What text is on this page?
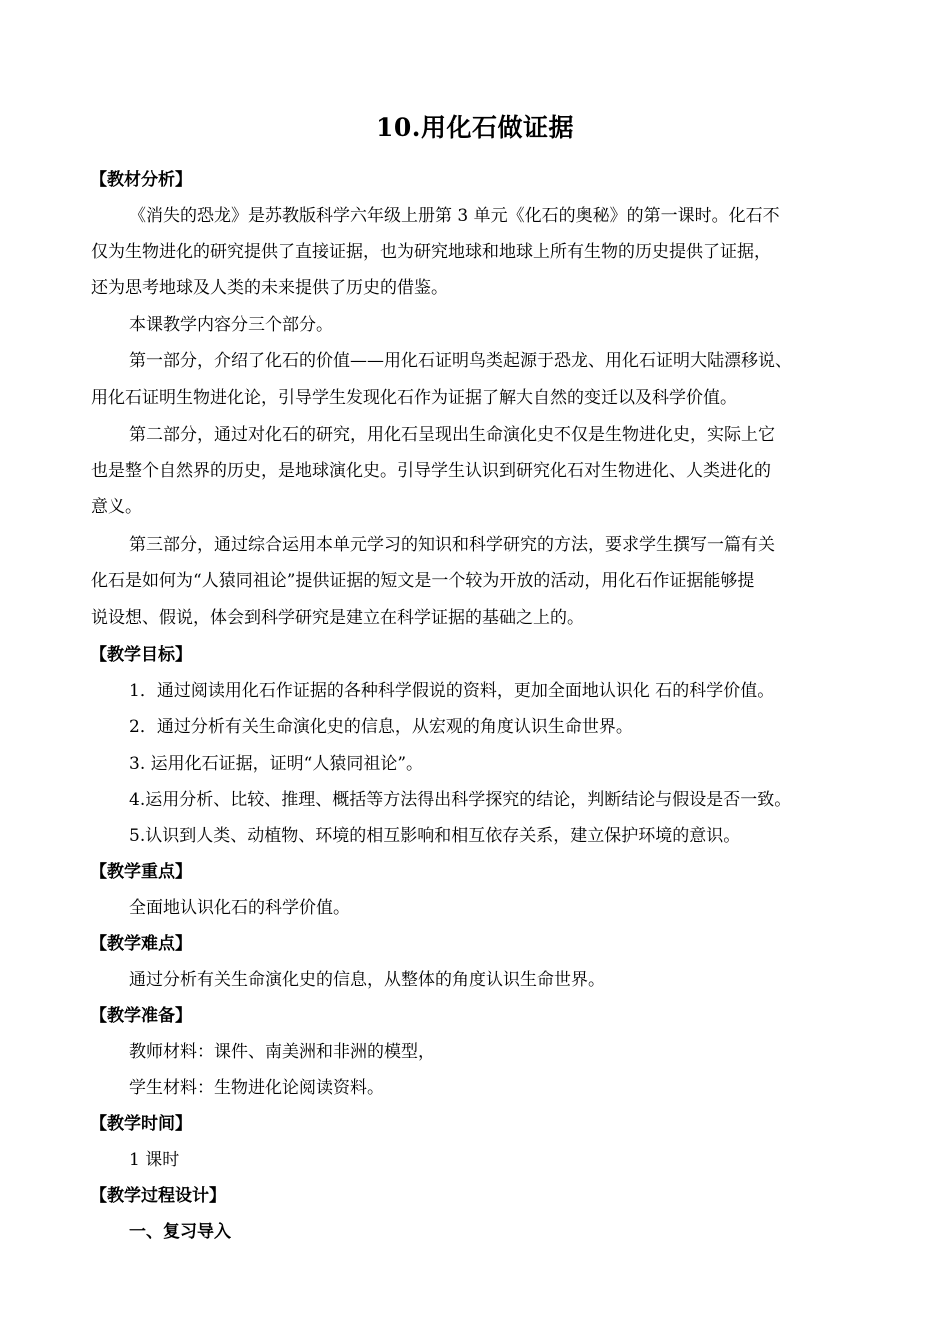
10.用化石做证据
【教材分析】
《消失的恐龙》是苏教版科学六年级上册第 3 单元《化石的奥秘》的第一课时。化石不
仅为生物进化的研究提供了直接证据，也为研究地球和地球上所有生物的历史提供了证据，
还为思考地球及人类的未来提供了历史的借鉴。
本课教学内容分三个部分。
第一部分，介绍了化石的价值——用化石证明鸟类起源于恐龙、用化石证明大陆漂移说、
用化石证明生物进化论，引导学生发现化石作为证据了解大自然的变迁以及科学价值。
第二部分，通过对化石的研究，用化石呈现出生命演化史不仅是生物进化史，实际上它
也是整个自然界的历史，是地球演化史。引导学生认识到研究化石对生物进化、人类进化的
意义。
第三部分，通过综合运用本单元学习的知识和科学研究的方法，要求学生撰写一篇有关
化石是如何为“人猿同祖论”提供证据的短文是一个较为开放的活动，用化石作证据能够提
说设想、假说，体会到科学研究是建立在科学证据的基础之上的。
【教学目标】
1．通过阅读用化石作证据的各种科学假说的资料，更加全面地认识化 石的科学价值。
2．通过分析有关生命演化史的信息，从宏观的角度认识生命世界。
3. 运用化石证据，证明“人猿同祖论”。
4.运用分析、比较、推理、概括等方法得出科学探究的结论，判断结论与假设是否一致。
5.认识到人类、动植物、环境的相互影响和相互依存关系，建立保护环境的意识。
【教学重点】
全面地认识化石的科学价值。
【教学难点】
通过分析有关生命演化史的信息，从整体的角度认识生命世界。
【教学准备】
教师材料：课件、南美洲和非洲的模型，
学生材料：生物进化论阅读资料。
【教学时间】
1 课时
【教学过程设计】
一、复习导入
